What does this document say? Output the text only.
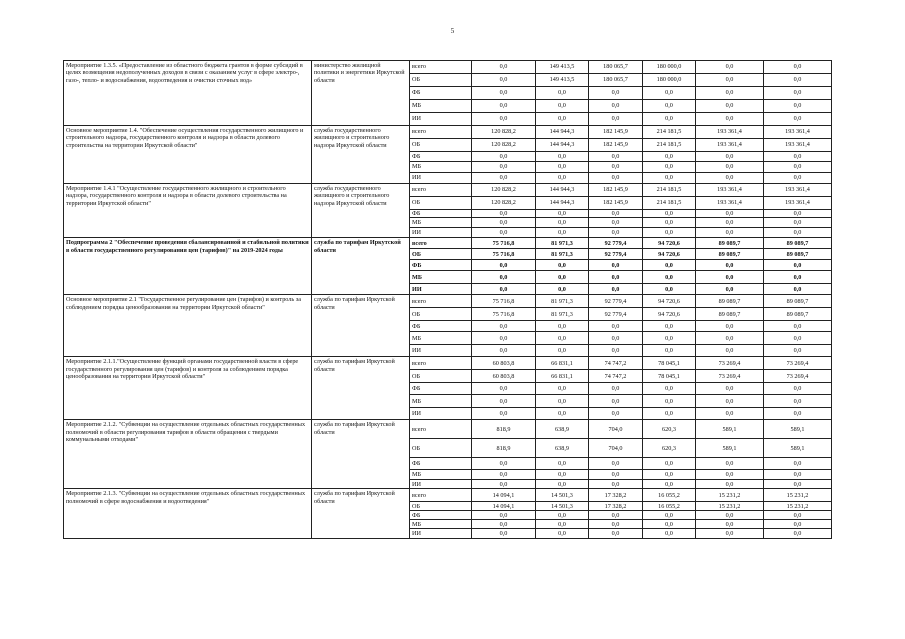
5
Мероприятие 1.3.5. «Предоставление из областного бюджета грантов в форме субсидий в целях возмещения недополученных доходов в связи с оказанием услуг в сфере электро-, газо-, тепло- и водоснабжения, водоотведения и очистки сточных вод»	министерство жилищной политики и энергетики Иркутской области	всего	0,0	149 413,5	180 065,7	180 000,0	0,0	0,0
		ОБ	0,0	149 413,5	180 065,7	180 000,0	0,0	0,0
		ФБ	0,0	0,0	0,0	0,0	0,0	0,0
		МБ	0,0	0,0	0,0	0,0	0,0	0,0
		ИИ	0,0	0,0	0,0	0,0	0,0	0,0
Основное мероприятие 1.4. "Обеспечение осуществления государственного жилищного и строительного надзора, государственного контроля и надзора в области долевого строительства на территории Иркутской области"	служба государственного жилищного и строительного надзора Иркутской области	всего	120 828,2	144 944,3	182 145,9	214 181,5	193 361,4	193 361,4
		ОБ	120 828,2	144 944,3	182 145,9	214 181,5	193 361,4	193 361,4
		ФБ	0,0	0,0	0,0	0,0	0,0	0,0
		МБ	0,0	0,0	0,0	0,0	0,0	0,0
		ИИ	0,0	0,0	0,0	0,0	0,0	0,0
Мероприятие 1.4.1 "Осуществление государственного жилищного и строительного надзора, государственного контроля и надзора в области долевого строительства на территории Иркутской области"	служба государственного жилищного и строительного надзора Иркутской области	всего	120 828,2	144 944,3	182 145,9	214 181,5	193 361,4	193 361,4
		ОБ	120 828,2	144 944,3	182 145,9	214 181,5	193 361,4	193 361,4
		ФБ	0,0	0,0	0,0	0,0	0,0	0,0
		МБ	0,0	0,0	0,0	0,0	0,0	0,0
		ИИ	0,0	0,0	0,0	0,0	0,0	0,0
Подпрограмма 2 "Обеспечение проведения сбалансированной и стабильной политики в области государственного регулирования цен (тарифов)" на 2019-2024 годы	служба по тарифам Иркутской области	всего	75 716,8	81 971,3	92 779,4	94 720,6	89 089,7	89 089,7
		ОБ	75 716,8	81 971,3	92 779,4	94 720,6	89 089,7	89 089,7
		ФБ	0,0	0,0	0,0	0,0	0,0	0,0
		МБ	0,0	0,0	0,0	0,0	0,0	0,0
		ИИ	0,0	0,0	0,0	0,0	0,0	0,0
Основное мероприятие 2.1 "Государственное регулирование цен (тарифов) и контроль за соблюдением порядка ценообразования на территории Иркутской области"	служба по тарифам Иркутской области	всего	75 716,8	81 971,3	92 779,4	94 720,6	89 089,7	89 089,7
		ОБ	75 716,8	81 971,3	92 779,4	94 720,6	89 089,7	89 089,7
		ФБ	0,0	0,0	0,0	0,0	0,0	0,0
		МБ	0,0	0,0	0,0	0,0	0,0	0,0
		ИИ	0,0	0,0	0,0	0,0	0,0	0,0
Мероприятие 2.1.1."Осуществление функций органами государственной власти в сфере государственного регулирования цен (тарифов) и контроля за соблюдением порядка ценообразования на территории Иркутской области"	служба по тарифам Иркутской области	всего	60 803,8	66 831,1	74 747,2	78 045,1	73 269,4	73 269,4
		ОБ	60 803,8	66 831,1	74 747,2	78 045,1	73 269,4	73 269,4
		ФБ	0,0	0,0	0,0	0,0	0,0	0,0
		МБ	0,0	0,0	0,0	0,0	0,0	0,0
		ИИ	0,0	0,0	0,0	0,0	0,0	0,0
Мероприятие 2.1.2. "Субвенции на осуществление отдельных областных государственных полномочий в области регулирования тарифов в области обращения с твердыми коммунальными отходами"	служба по тарифам Иркутской области	всего	818,9	638,9	704,0	620,3	589,1	589,1
		ОБ	818,9	638,9	704,0	620,3	589,1	589,1
		ФБ	0,0	0,0	0,0	0,0	0,0	0,0
		МБ	0,0	0,0	0,0	0,0	0,0	0,0
		ИИ	0,0	0,0	0,0	0,0	0,0	0,0
Мероприятие 2.1.3. "Субвенции на осуществление отдельных областных государственных полномочий в сфере водоснабжения и водоотведения"	служба по тарифам Иркутской области	всего	14 094,1	14 501,3	17 328,2	16 055,2	15 231,2	15 231,2
		ОБ	14 094,1	14 501,3	17 328,2	16 055,2	15 231,2	15 231,2
		ФБ	0,0	0,0	0,0	0,0	0,0	0,0
		МБ	0,0	0,0	0,0	0,0	0,0	0,0
		ИИ	0,0	0,0	0,0	0,0	0,0	0,0
